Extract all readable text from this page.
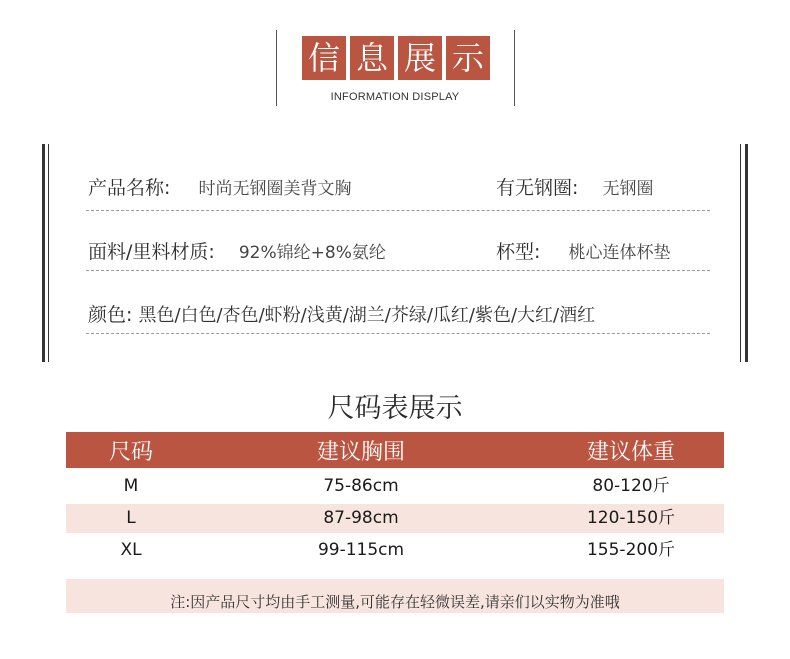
信 息 展 示
INFORMATION DISPLAY
产品名称: 时尚无钢圈美背文胸	有无钢圈: 无钢圈
面料/里料材质: 92%锦纶+8%氨纶	杯型: 桃心连体杯垫
颜色: 黑色/白色/杏色/虾粉/浅黄/湖兰/芥绿/瓜红/紫色/大红/酒红
尺码表展示
尺码	建议胸围	建议体重
M	75-86cm	80-120斤
L	87-98cm	120-150斤
XL	99-115cm	155-200斤
注:因产品尺寸均由手工测量,可能存在轻微误差,请亲们以实物为准哦
